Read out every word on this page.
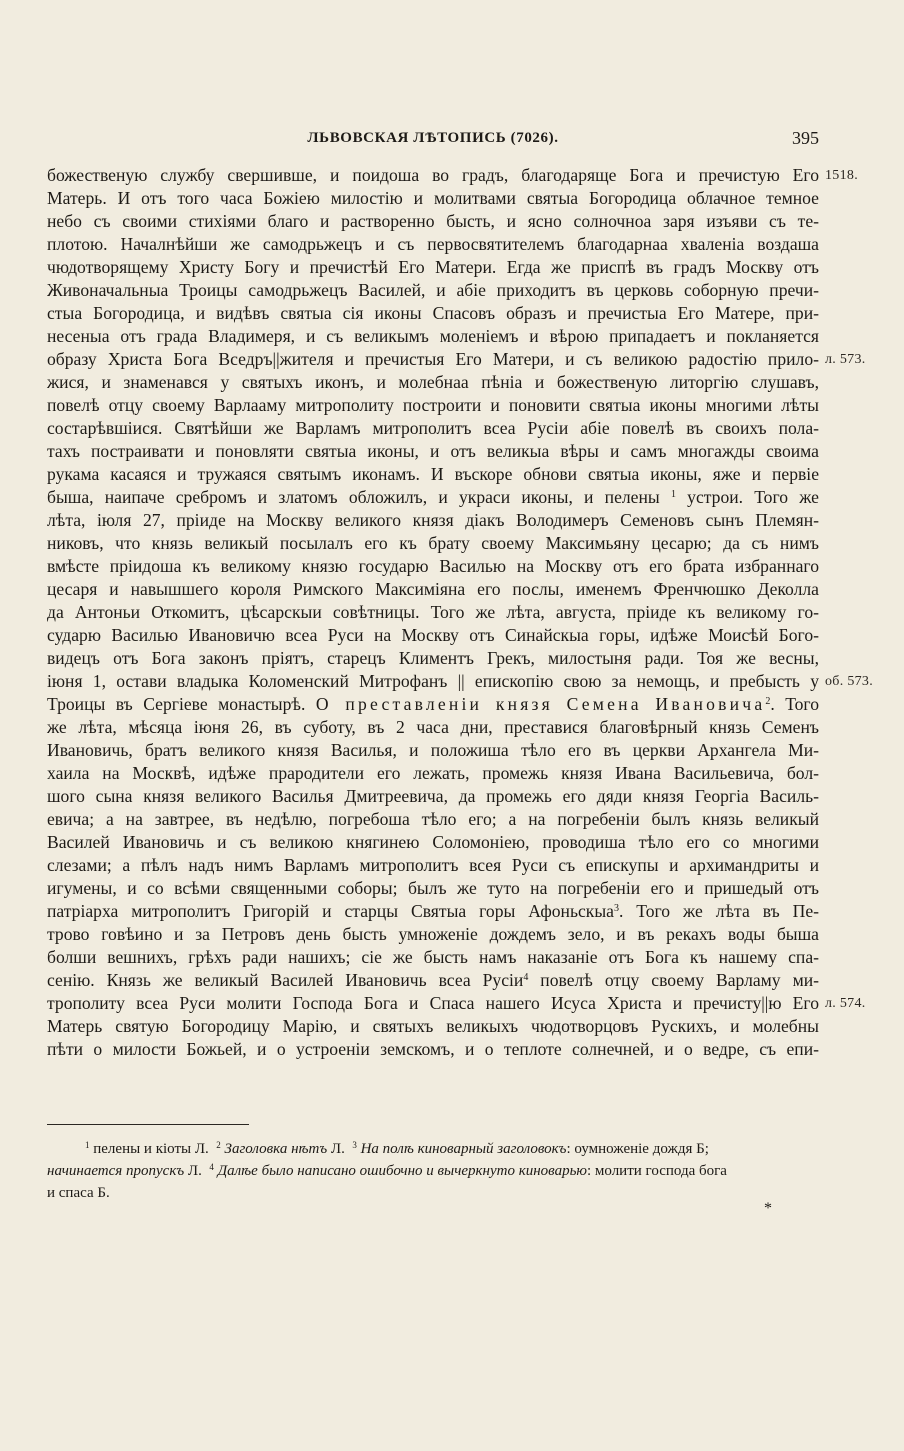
ЛЬВОВСКАЯ ЛѢТОПИСЬ (7026).	395
божественую службу свершивше, и поидоша во градъ, благодаряще Бога и пречистую Его 1518.
Матерь. И отъ того часа Божіею милостію и молитвами святыа Богородица облачное темное
небо съ своими стихіями благо и растворенно бысть, и ясно солночноа заря изъяви съ те-
плотою. Началнѣйши же самодрьжецъ и съ первосвятителемъ благодарнаа хваленіа воздаша
чюдотворящему Христу Богу и пречистѣй Его Матери. Егда же приспѣ въ градъ Москву отъ
Живоначальныа Троицы самодрьжецъ Василей, и абіе приходитъ въ церковь соборную пречи-
стыа Богородица, и видѣвъ святыа сія иконы Спасовъ образъ и пречистыа Его Матере, при-
несеныа отъ града Владимеря, и съ великымъ моленіемъ и вѣрою припадаетъ и покланяется
образу Христа Бога Вседръ||жителя и пречистыя Его Матери, и съ великою радостію прило- л. 573.
жися, и знаменався у святыхъ иконъ, и молебнаа пѣніа и божественую литоргію слушавъ,
повелѣ отцу своему Варлааму митрополиту построити и поновити святыа иконы многими лѣты
состарѣвшіися. Святѣйши же Варламъ митрополитъ всеа Русіи абіе повелѣ въ своихъ пола-
тахъ постраивати и поновляти святыа иконы, и отъ великыа вѣры и самъ многажды своима
рукама касаяся и тружаяся святымъ иконамъ. И въскоре обнови святыа иконы, яже и первіе
быша, наипаче сребромъ и златомъ обложилъ, и украси иконы, и пелены $^1$ устрои. Того же
лѣта, іюля 27, пріиде на Москву великого князя діакъ Володимеръ Семеновъ сынъ Племян-
никовъ, что князь великый посылалъ его къ брату своему Максимьяну цесарю; да съ нимъ
вмѣсте пріидоша къ великому князю государю Василью на Москву отъ его брата избраннаго
цесаря и навышшего короля Римского Максиміяна его послы, именемъ Френчюшко Деколла
да Антоньи Откомитъ, цѣсарскыи совѣтницы. Того же лѣта, августа, пріиде къ великому го-
сударю Василью Ивановичю всеа Руси на Москву отъ Синайскыа горы, идѣже Моисѣй Бого-
видецъ отъ Бога законъ пріятъ, старецъ Климентъ Грекъ, милостыня ради. Тоя же весны,
іюня 1, остави владыка Коломенский Митрофанъ || епископію свою за немощь, и пребысть у об. 573.
Троицы въ Сергіеве монастырѣ. О преставленіи князя Семена Ивановича$^2$. Того
же лѣта, мѣсяца іюня 26, въ суботу, въ 2 часа дни, преставися благовѣрный князь Семенъ
Ивановичь, братъ великого князя Василья, и положиша тѣло его въ церкви Архангела Ми-
хаила на Москвѣ, идѣже прародители его лежать, промежь князя Ивана Васильевича, бол-
шого сына князя великого Василья Дмитреевича, да промежь его дяди князя Георгіа Василь-
евича; а на завтрее, въ недѣлю, погребоша тѣло его; а на погребеніи былъ князь великый
Василей Ивановичь и съ великою княгинею Соломоніею, проводиша тѣло его со многими
слезами; а пѣлъ надъ нимъ Варламъ митрополитъ всея Руси съ епискупы и архимандриты и
игумены, и со всѣми священными соборы; былъ же туто на погребеніи его и пришедый отъ
патріарха митрополитъ Григорій и старцы Святыа горы Афоньскыа$^3$. Того же лѣта въ Пе-
трово говѣино и за Петровъ день бысть умноженіе дождемъ зело, и въ рекахъ воды быша
болши вешнихъ, грѣхъ ради нашихъ; сіе же бысть намъ наказаніе отъ Бога къ нашему спа-
сенію. Князь же великый Василей Ивановичь всеа Русіи$^4$ повелѣ отцу своему Варламу ми-
трополиту всеа Руси молити Господа Бога и Спаса нашего Исуса Христа и пречисту||ю Его л. 574.
Матерь святую Богородицу Марію, и святыхъ великыхъ чюдотворцовъ Рускихъ, и молебны
пѣти о милости Божьей, и о устроеніи земскомъ, и о теплоте солнечней, и о ведре, съ епи-
$^1$ пелены и кіоты Л. $^2$ Заголовка нѣтъ Л. $^3$ На полѣ киноварный заголовокъ: оумноженіе дождя Б;
начинается пропускъ Л. $^4$ Далѣе было написано ошибочно и вычеркнуто киноварью: молити господа бога
и спаса Б.
*
